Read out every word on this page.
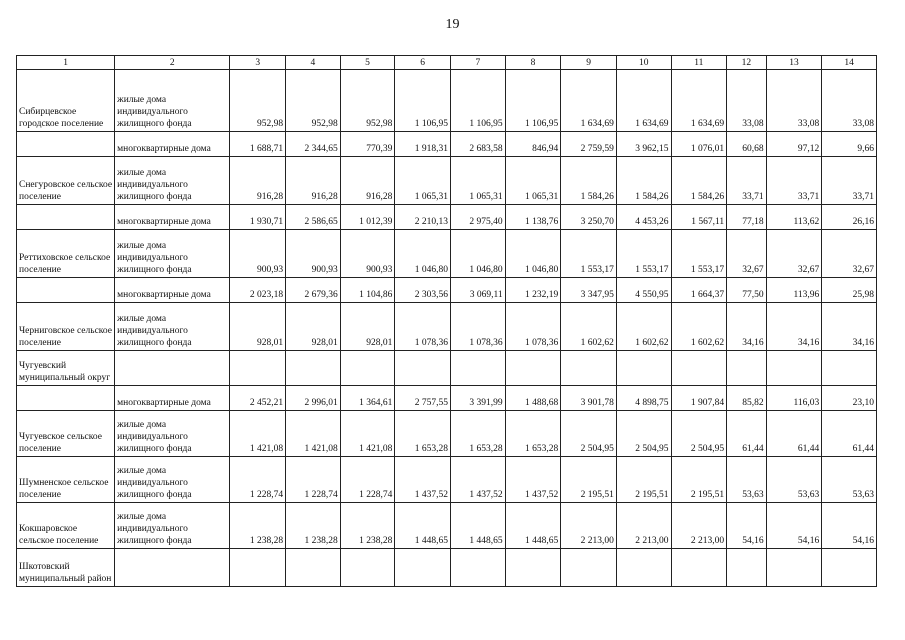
19
1	2	3	4	5	6	7	8	9	10	11	12	13	14
Сибирцевское городское поселение	жилые дома индивидуального жилищного фонда	952,98	952,98	952,98	1 106,95	1 106,95	1 106,95	1 634,69	1 634,69	1 634,69	33,08	33,08	33,08
	многоквартирные дома	1 688,71	2 344,65	770,39	1 918,31	2 683,58	846,94	2 759,59	3 962,15	1 076,01	60,68	97,12	9,66
Снегуровское сельское поселение	жилые дома индивидуального жилищного фонда	916,28	916,28	916,28	1 065,31	1 065,31	1 065,31	1 584,26	1 584,26	1 584,26	33,71	33,71	33,71
	многоквартирные дома	1 930,71	2 586,65	1 012,39	2 210,13	2 975,40	1 138,76	3 250,70	4 453,26	1 567,11	77,18	113,62	26,16
Реттиховское сельское поселение	жилые дома индивидуального жилищного фонда	900,93	900,93	900,93	1 046,80	1 046,80	1 046,80	1 553,17	1 553,17	1 553,17	32,67	32,67	32,67
	многоквартирные дома	2 023,18	2 679,36	1 104,86	2 303,56	3 069,11	1 232,19	3 347,95	4 550,95	1 664,37	77,50	113,96	25,98
Черниговское сельское поселение	жилые дома индивидуального жилищного фонда	928,01	928,01	928,01	1 078,36	1 078,36	1 078,36	1 602,62	1 602,62	1 602,62	34,16	34,16	34,16
Чугуевский муниципальный округ													
	многоквартирные дома	2 452,21	2 996,01	1 364,61	2 757,55	3 391,99	1 488,68	3 901,78	4 898,75	1 907,84	85,82	116,03	23,10
Чугуевское сельское поселение	жилые дома индивидуального жилищного фонда	1 421,08	1 421,08	1 421,08	1 653,28	1 653,28	1 653,28	2 504,95	2 504,95	2 504,95	61,44	61,44	61,44
Шумненское сельское поселение	жилые дома индивидуального жилищного фонда	1 228,74	1 228,74	1 228,74	1 437,52	1 437,52	1 437,52	2 195,51	2 195,51	2 195,51	53,63	53,63	53,63
Кокшаровское сельское поселение	жилые дома индивидуального жилищного фонда	1 238,28	1 238,28	1 238,28	1 448,65	1 448,65	1 448,65	2 213,00	2 213,00	2 213,00	54,16	54,16	54,16
Шкотовский муниципальный район													
